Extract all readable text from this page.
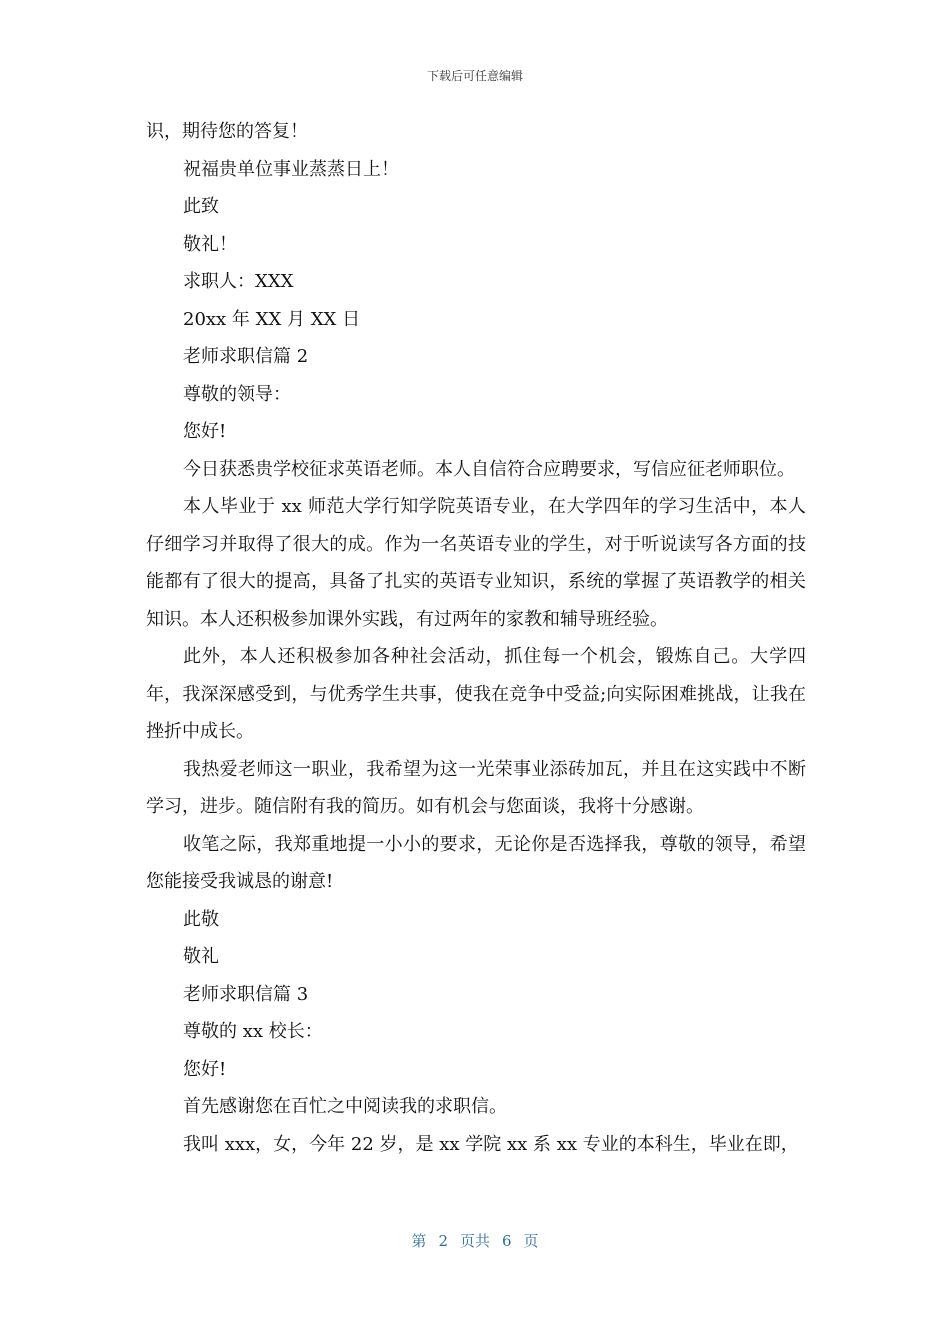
下载后可任意编辑

识，期待您的答复！

祝福贵单位事业蒸蒸日上！

此致

敬礼！

求职人：XXX

20xx 年 XX 月 XX 日

老师求职信篇 2

尊敬的领导：

您好!

今日获悉贵学校征求英语老师。本人自信符合应聘要求，写信应征老师职位。

本人毕业于 xx 师范大学行知学院英语专业，在大学四年的学习生活中，本人仔细学习并取得了很大的成。作为一名英语专业的学生，对于听说读写各方面的技能都有了很大的提高，具备了扎实的英语专业知识，系统的掌握了英语教学的相关知识。本人还积极参加课外实践，有过两年的家教和辅导班经验。

此外，本人还积极参加各种社会活动，抓住每一个机会，锻炼自己。大学四年，我深深感受到，与优秀学生共事，使我在竞争中受益;向实际困难挑战，让我在挫折中成长。

我热爱老师这一职业，我希望为这一光荣事业添砖加瓦，并且在这实践中不断学习，进步。随信附有我的简历。如有机会与您面谈，我将十分感谢。

收笔之际，我郑重地提一小小的要求，无论你是否选择我，尊敬的领导，希望您能接受我诚恳的谢意!

此敬

敬礼

老师求职信篇 3

尊敬的 xx 校长：

您好!

首先感谢您在百忙之中阅读我的求职信。

我叫 xxx，女，今年 22 岁，是 xx 学院 xx 系 xx 专业的本科生，毕业在即，

第 2 页共 6 页
